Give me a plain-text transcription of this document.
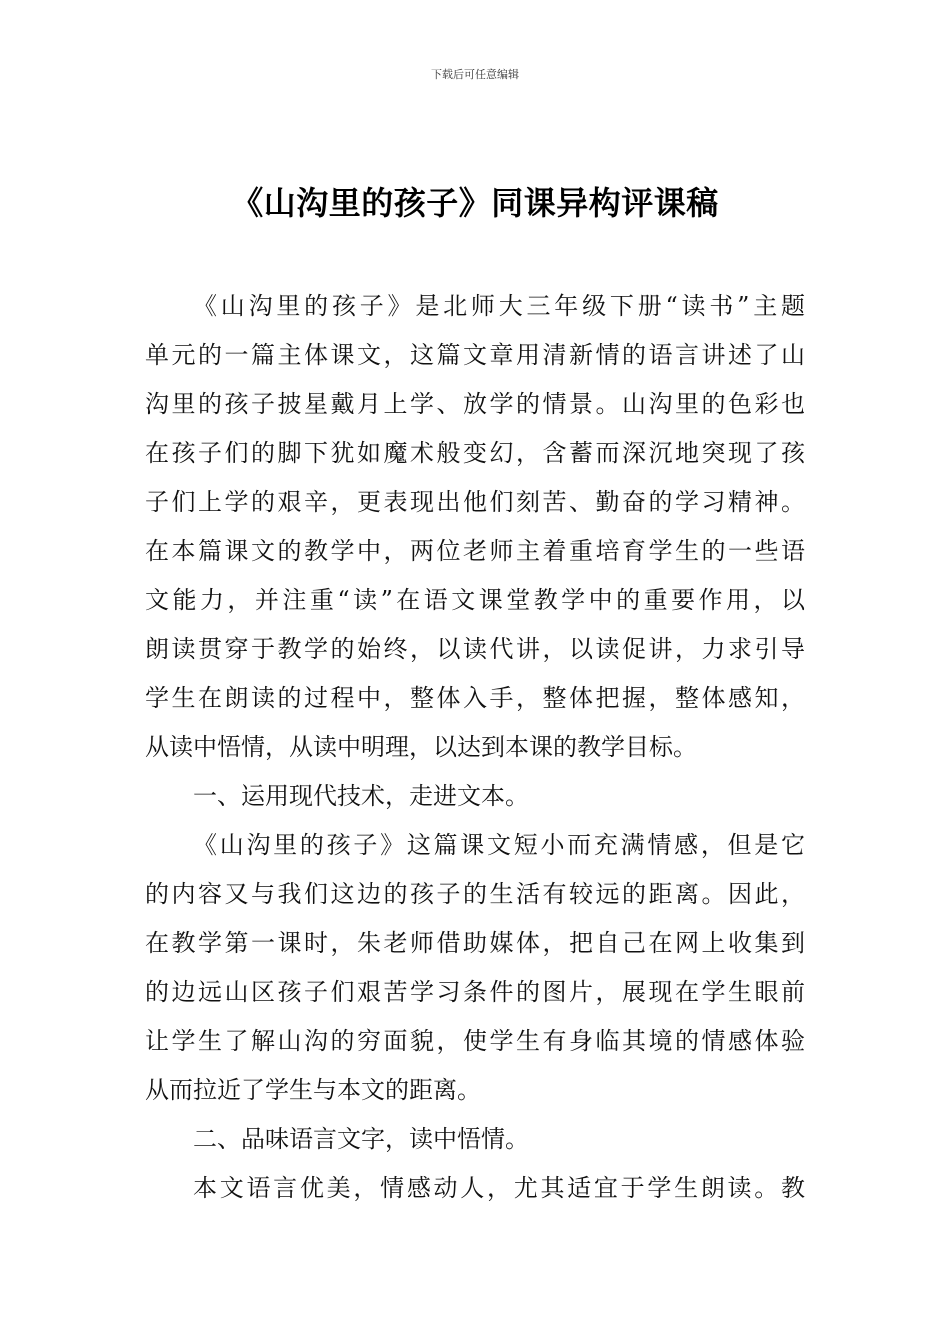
下载后可任意编辑
《山沟里的孩子》同课异构评课稿
《山沟里的孩子》是北师大三年级下册“读书”主题
单元的一篇主体课文，这篇文章用清新情的语言讲述了山
沟里的孩子披星戴月上学、放学的情景。山沟里的色彩也
在孩子们的脚下犹如魔术般变幻，含蓄而深沉地突现了孩
子们上学的艰辛，更表现出他们刻苦、勤奋的学习精神。
在本篇课文的教学中，两位老师主着重培育学生的一些语
文能力，并注重“读”在语文课堂教学中的重要作用，以
朗读贯穿于教学的始终，以读代讲，以读促讲，力求引导
学生在朗读的过程中，整体入手，整体把握，整体感知，
从读中悟情，从读中明理，以达到本课的教学目标。
一、运用现代技术，走进文本。
《山沟里的孩子》这篇课文短小而充满情感，但是它
的内容又与我们这边的孩子的生活有较远的距离。因此，
在教学第一课时，朱老师借助媒体，把自己在网上收集到
的边远山区孩子们艰苦学习条件的图片，展现在学生眼前
让学生了解山沟的穷面貌，使学生有身临其境的情感体验
从而拉近了学生与本文的距离。
二、品味语言文字，读中悟情。
本文语言优美，情感动人，尤其适宜于学生朗读。教
